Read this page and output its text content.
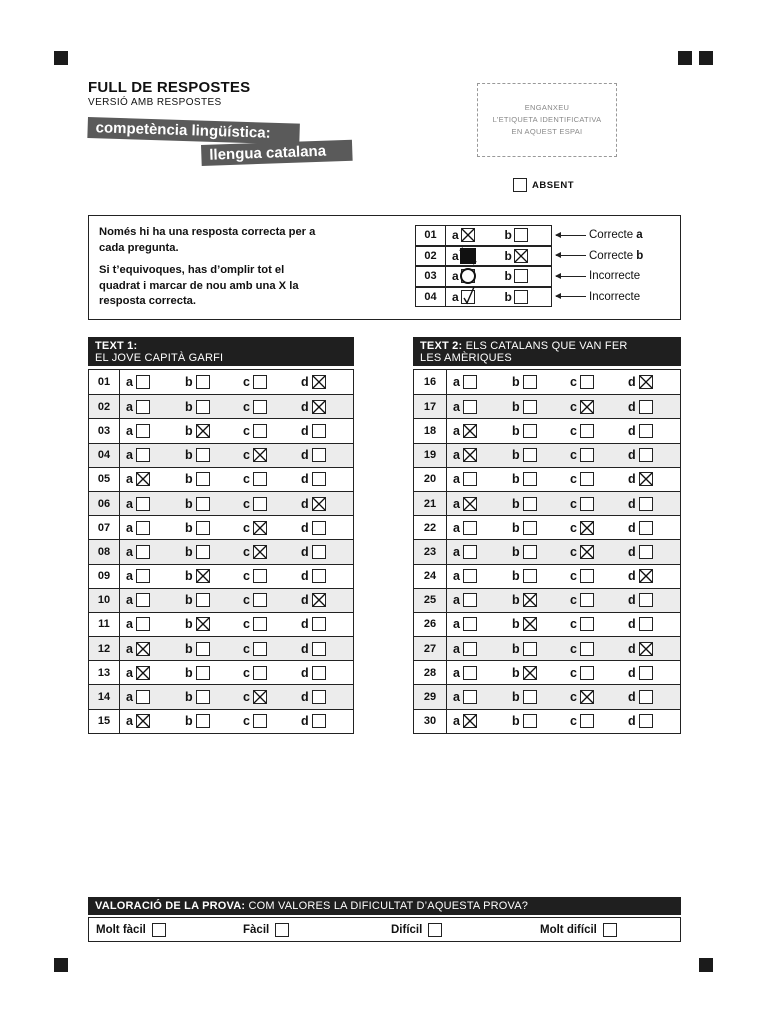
FULL DE RESPOSTES
VERSIÓ AMB RESPOSTES
competència lingüística:
llengua catalana
ENGANXEU
L’ETIQUETA IDENTIFICATIVA
EN AQUEST ESPAI
ABSENT

Només hi ha una resposta correcta per a cada pregunta.

Si t’equivoques, has d’omplir tot el quadrat i marcar de nou amb una X la resposta correcta.

01	a	b	Correcte a
02	a	b	Correcte b
03	a	b	Incorrecte
04	a	b	Incorrecte
TEXT 1:
EL JOVE CAPITÀ GARFI
01	a	b	c	d
02	a	b	c	d
03	a	b	c	d
04	a	b	c	d
05	a	b	c	d
06	a	b	c	d
07	a	b	c	d
08	a	b	c	d
09	a	b	c	d
10	a	b	c	d
11	a	b	c	d
12	a	b	c	d
13	a	b	c	d
14	a	b	c	d
15	a	b	c	d
TEXT 2: ELS CATALANS QUE VAN FER
LES AMÈRIQUES
16	a	b	c	d
17	a	b	c	d
18	a	b	c	d
19	a	b	c	d
20	a	b	c	d
21	a	b	c	d
22	a	b	c	d
23	a	b	c	d
24	a	b	c	d
25	a	b	c	d
26	a	b	c	d
27	a	b	c	d
28	a	b	c	d
29	a	b	c	d
30	a	b	c	d
VALORACIÓ DE LA PROVA: COM VALORES LA DIFICULTAT D’AQUESTA PROVA?
Molt fàcil	Fàcil	Difícil	Molt difícil
